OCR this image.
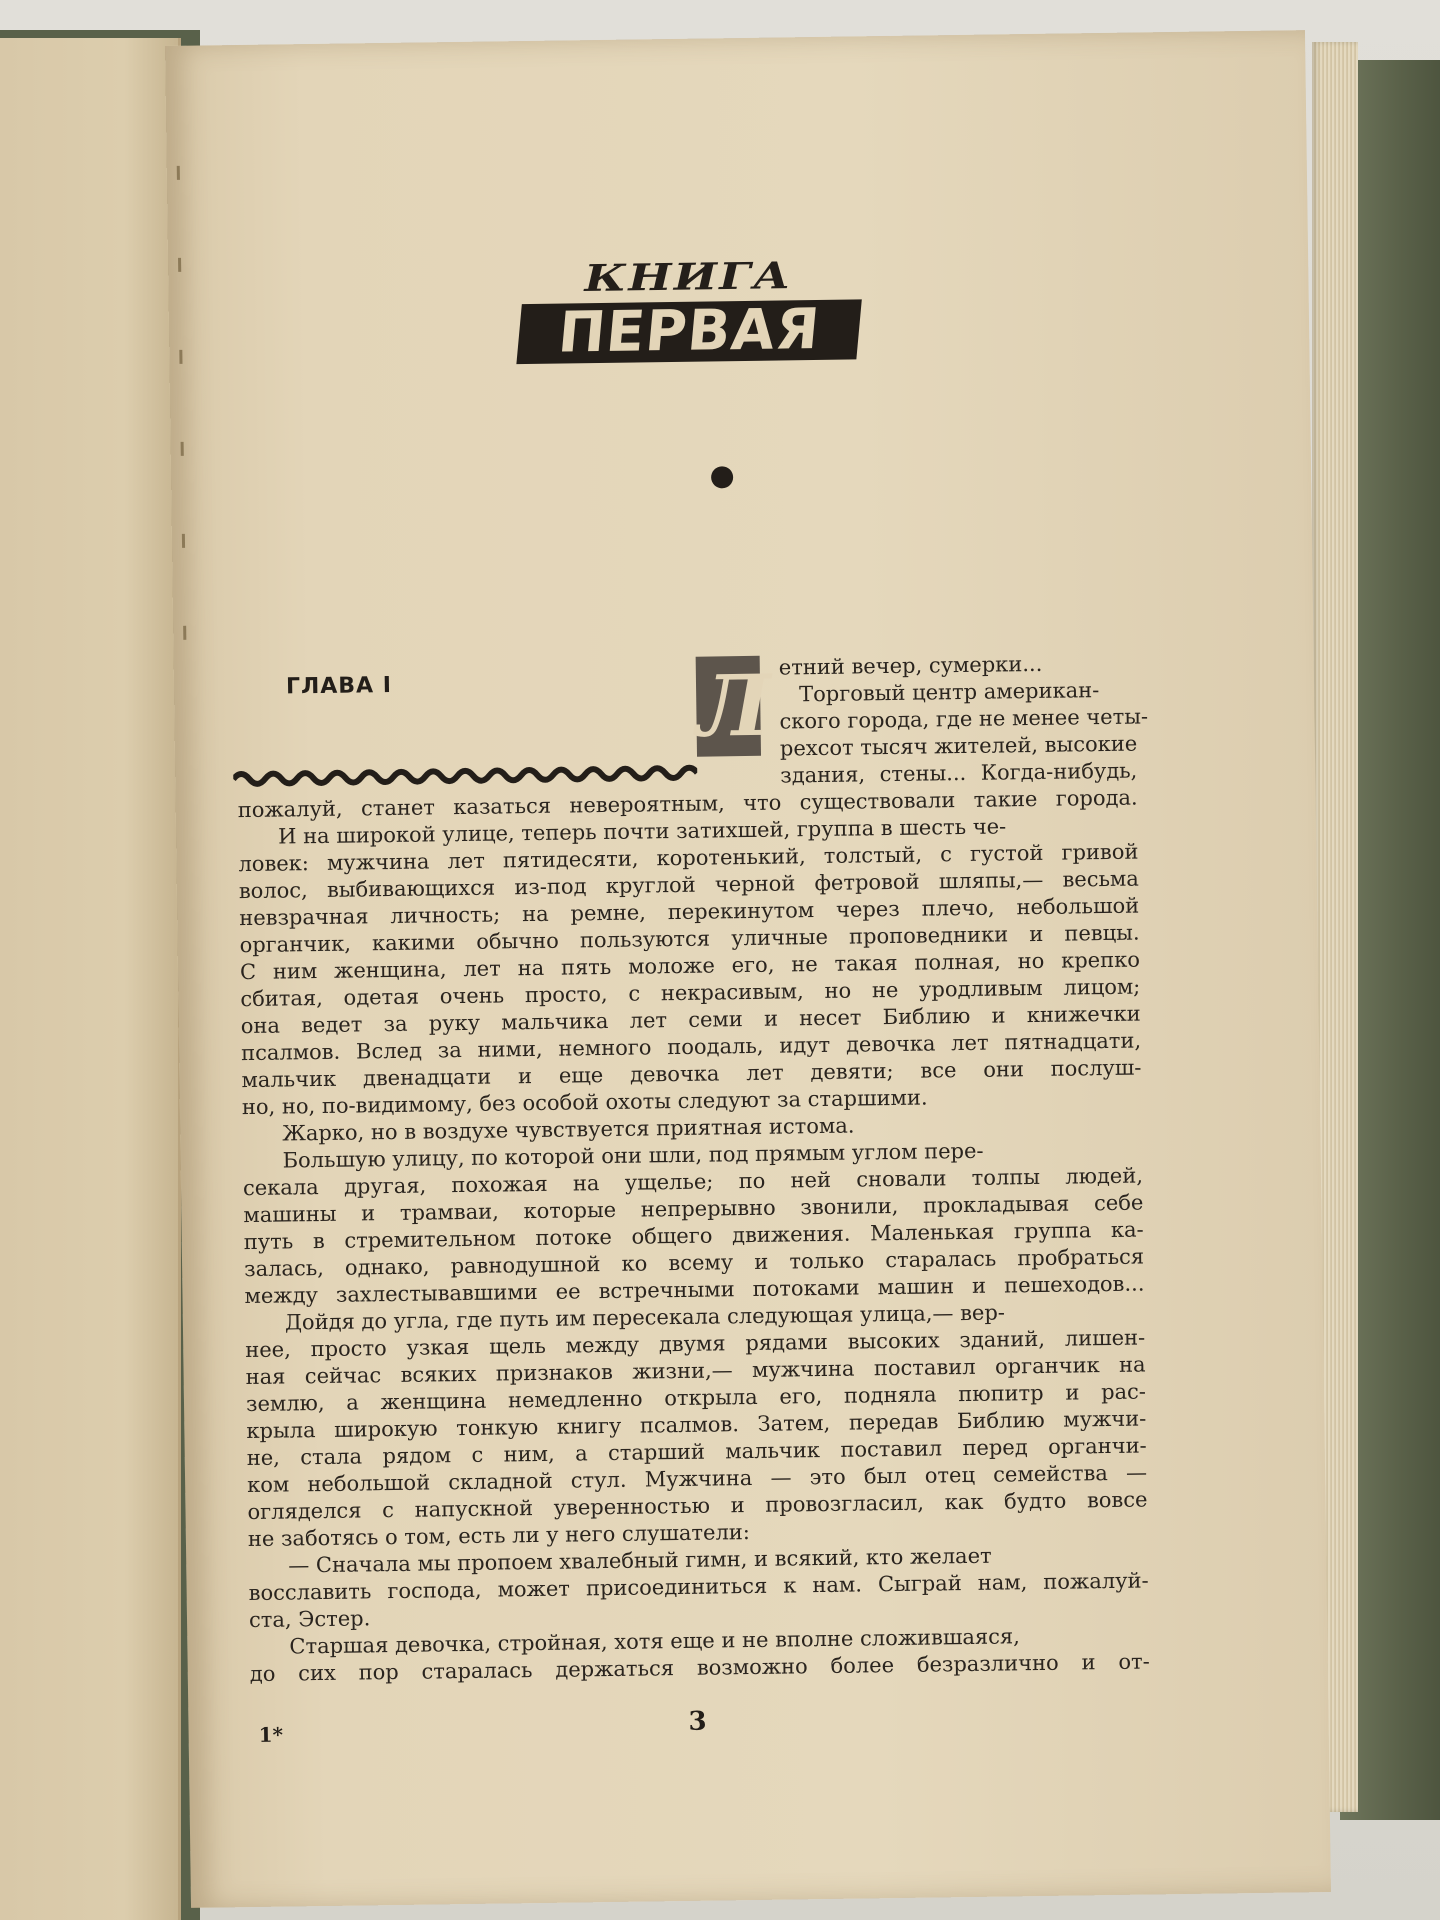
КНИГА
ПЕРВАЯ
ГЛАВА I	Л етний вечер, сумерки...
Торговый центр американ-
ского города, где не менее четы-
рехсот тысяч жителей, высокие
здания, стены... Когда-нибудь,
пожалуй, станет казаться невероятным, что существовали такие города.
И на широкой улице, теперь почти затихшей, группа в шесть че-
ловек: мужчина лет пятидесяти, коротенький, толстый, с густой гривой
волос, выбивающихся из-под круглой черной фетровой шляпы,— весьма
невзрачная личность; на ремне, перекинутом через плечо, небольшой
органчик, какими обычно пользуются уличные проповедники и певцы.
С ним женщина, лет на пять моложе его, не такая полная, но крепко
сбитая, одетая очень просто, с некрасивым, но не уродливым лицом;
она ведет за руку мальчика лет семи и несет Библию и книжечки
псалмов. Вслед за ними, немного поодаль, идут девочка лет пятнадцати,
мальчик двенадцати и еще девочка лет девяти; все они послуш-
но, но, по-видимому, без особой охоты следуют за старшими.
Жарко, но в воздухе чувствуется приятная истома.
Большую улицу, по которой они шли, под прямым углом пере-
секала другая, похожая на ущелье; по ней сновали толпы людей,
машины и трамваи, которые непрерывно звонили, прокладывая себе
путь в стремительном потоке общего движения. Маленькая группа ка-
залась, однако, равнодушной ко всему и только старалась пробраться
между захлестывавшими ее встречными потоками машин и пешеходов...
Дойдя до угла, где путь им пересекала следующая улица,— вер-
нее, просто узкая щель между двумя рядами высоких зданий, лишен-
ная сейчас всяких признаков жизни,— мужчина поставил органчик на
землю, а женщина немедленно открыла его, подняла пюпитр и рас-
крыла широкую тонкую книгу псалмов. Затем, передав Библию мужчи-
не, стала рядом с ним, а старший мальчик поставил перед органчи-
ком небольшой складной стул. Мужчина — это был отец семейства —
огляделся с напускной уверенностью и провозгласил, как будто вовсе
не заботясь о том, есть ли у него слушатели:
— Сначала мы пропоем хвалебный гимн, и всякий, кто желает
восславить господа, может присоединиться к нам. Сыграй нам, пожалуй-
ста, Эстер.
Старшая девочка, стройная, хотя еще и не вполне сложившаяся,
до сих пор старалась держаться возможно более безразлично и от-
1*	3
